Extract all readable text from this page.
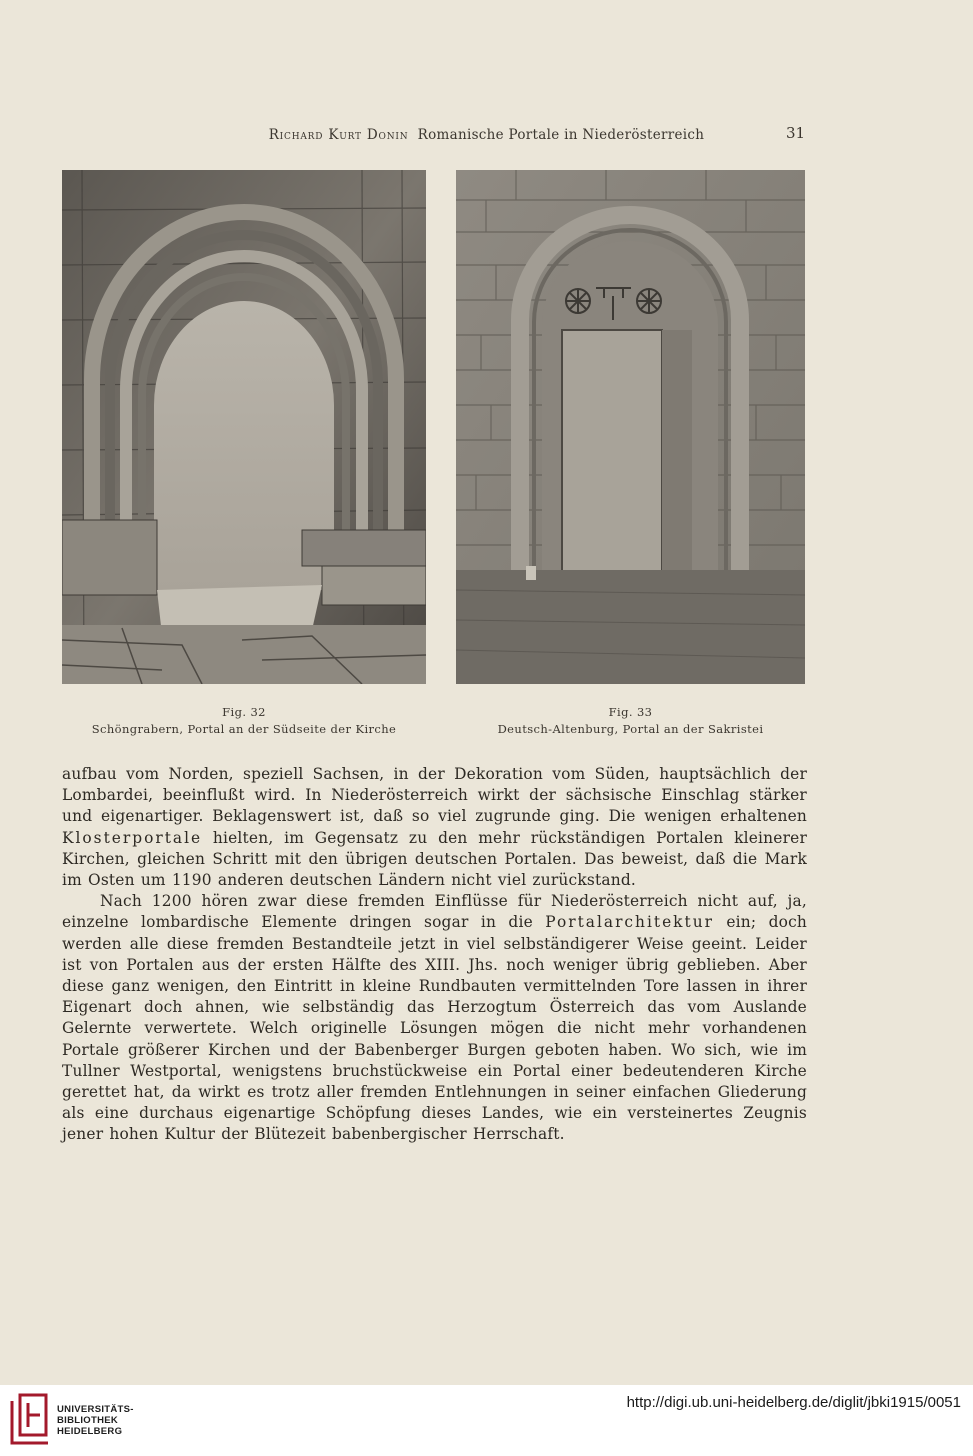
Richard Kurt Donin Romanische Portale in Niederösterreich	31
Fig. 32
Schöngrabern, Portal an der Südseite der Kirche
Fig. 33
Deutsch-Altenburg, Portal an der Sakristei

aufbau vom Norden, speziell Sachsen, in der Dekoration vom Süden, hauptsächlich der Lombardei, beeinflußt wird. In Niederösterreich wirkt der sächsische Einschlag stärker und eigenartiger. Beklagenswert ist, daß so viel zugrunde ging. Die wenigen erhaltenen Klosterportale hielten, im Gegensatz zu den mehr rückständigen Portalen kleinerer Kirchen, gleichen Schritt mit den übrigen deutschen Portalen. Das beweist, daß die Mark im Osten um 1190 anderen deutschen Ländern nicht viel zurückstand.

Nach 1200 hören zwar diese fremden Einflüsse für Niederösterreich nicht auf, ja, einzelne lombardische Elemente dringen sogar in die Portalarchitektur ein; doch werden alle diese fremden Bestandteile jetzt in viel selbständigerer Weise geeint. Leider ist von Portalen aus der ersten Hälfte des XIII. Jhs. noch weniger übrig geblieben. Aber diese ganz wenigen, den Eintritt in kleine Rundbauten vermittelnden Tore lassen in ihrer Eigenart doch ahnen, wie selbständig das Herzogtum Österreich das vom Auslande Gelernte verwertete. Welch originelle Lösungen mögen die nicht mehr vorhandenen Portale größerer Kirchen und der Babenberger Burgen geboten haben. Wo sich, wie im Tullner Westportal, wenigstens bruchstückweise ein Portal einer bedeutenderen Kirche gerettet hat, da wirkt es trotz aller fremden Entlehnungen in seiner einfachen Gliederung als eine durchaus eigenartige Schöpfung dieses Landes, wie ein versteinertes Zeugnis jener hohen Kultur der Blütezeit babenbergischer Herrschaft.

UNIVERSITÄTS-
BIBLIOTHEK
HEIDELBERG
http://digi.ub.uni-heidelberg.de/diglit/jbki1915/0051
